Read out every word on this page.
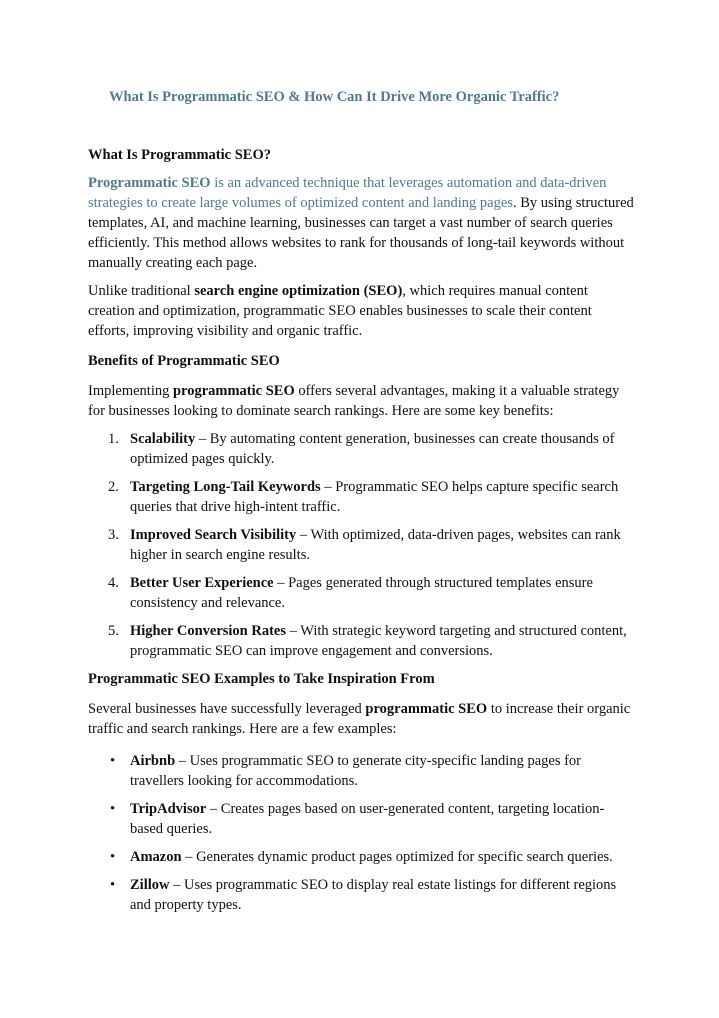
What Is Programmatic SEO & How Can It Drive More Organic Traffic?
What Is Programmatic SEO?

Programmatic SEO is an advanced technique that leverages automation and data-driven strategies to create large volumes of optimized content and landing pages. By using structured templates, AI, and machine learning, businesses can target a vast number of search queries efficiently. This method allows websites to rank for thousands of long-tail keywords without manually creating each page.

Unlike traditional search engine optimization (SEO), which requires manual content creation and optimization, programmatic SEO enables businesses to scale their content efforts, improving visibility and organic traffic.

Benefits of Programmatic SEO

Implementing programmatic SEO offers several advantages, making it a valuable strategy for businesses looking to dominate search rankings. Here are some key benefits:

1. Scalability – By automating content generation, businesses can create thousands of optimized pages quickly.
2. Targeting Long-Tail Keywords – Programmatic SEO helps capture specific search queries that drive high-intent traffic.
3. Improved Search Visibility – With optimized, data-driven pages, websites can rank higher in search engine results.
4. Better User Experience – Pages generated through structured templates ensure consistency and relevance.
5. Higher Conversion Rates – With strategic keyword targeting and structured content, programmatic SEO can improve engagement and conversions.
Programmatic SEO Examples to Take Inspiration From

Several businesses have successfully leveraged programmatic SEO to increase their organic traffic and search rankings. Here are a few examples:

• Airbnb – Uses programmatic SEO to generate city-specific landing pages for travellers looking for accommodations.
• TripAdvisor – Creates pages based on user-generated content, targeting location-based queries.
• Amazon – Generates dynamic product pages optimized for specific search queries.
• Zillow – Uses programmatic SEO to display real estate listings for different regions and property types.
